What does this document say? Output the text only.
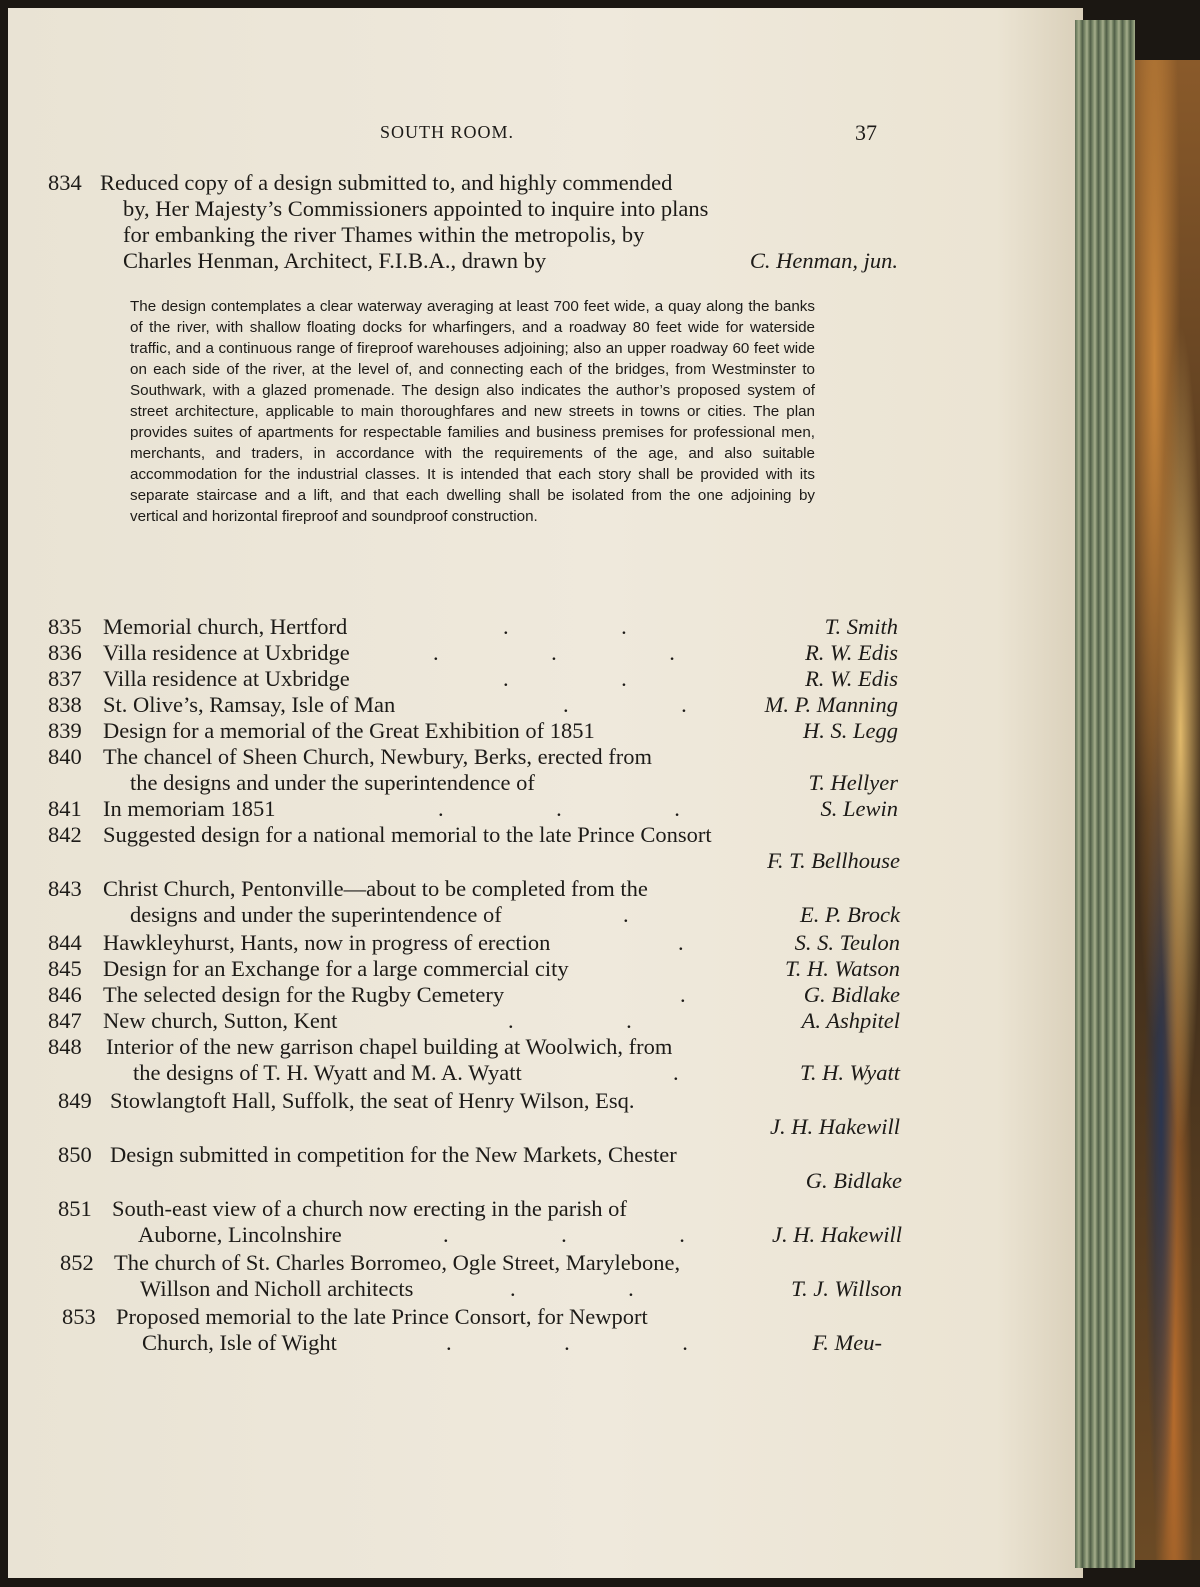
SOUTH ROOM.	37
834 Reduced copy of a design submitted to, and highly commended
by, Her Majesty’s Commissioners appointed to inquire into plans
for embanking the river Thames within the metropolis, by
Charles Henman, Architect, F.I.B.A., drawn by	C. Henman, jun.
The design contemplates a clear waterway averaging at least 700 feet wide, a quay along the banks of the river, with shallow floating docks for wharfingers, and a roadway 80 feet wide for waterside traffic, and a continuous range of fireproof warehouses adjoining; also an upper roadway 60 feet wide on each side of the river, at the level of, and connecting each of the bridges, from Westminster to Southwark, with a glazed promenade. The design also indicates the author’s proposed system of street architecture, applicable to main thoroughfares and new streets in towns or cities. The plan provides suites of apartments for respectable families and business premises for professional men, merchants, and traders, in accordance with the requirements of the age, and also suitable accommodation for the industrial classes. It is intended that each story shall be provided with its separate staircase and a lift, and that each dwelling shall be isolated from the one adjoining by vertical and horizontal fireproof and soundproof construction.
835 Memorial church, Hertford	.     .	T. Smith
836 Villa residence at Uxbridge	.     .     .	R. W. Edis
837 Villa residence at Uxbridge	.     .	R. W. Edis
838 St. Olive’s, Ramsay, Isle of Man	.     .	M. P. Manning
839 Design for a memorial of the Great Exhibition of 1851	H. S. Legg
840 The chancel of Sheen Church, Newbury, Berks, erected from
the designs and under the superintendence of	T. Hellyer
841 In memoriam 1851	.     .     .	S. Lewin
842 Suggested design for a national memorial to the late Prince Consort
F. T. Bellhouse
843 Christ Church, Pentonville—about to be completed from the
designs and under the superintendence of	.	E. P. Brock
844 Hawkleyhurst, Hants, now in progress of erection	.	S. S. Teulon
845 Design for an Exchange for a large commercial city	T. H. Watson
846 The selected design for the Rugby Cemetery	.	G. Bidlake
847 New church, Sutton, Kent	.     .	A. Ashpitel
848 Interior of the new garrison chapel building at Woolwich, from
the designs of T. H. Wyatt and M. A. Wyatt	.	T. H. Wyatt
849 Stowlangtoft Hall, Suffolk, the seat of Henry Wilson, Esq.
J. H. Hakewill
850 Design submitted in competition for the New Markets, Chester
G. Bidlake
851 South-east view of a church now erecting in the parish of
Auborne, Lincolnshire	.     .     .	J. H. Hakewill
852 The church of St. Charles Borromeo, Ogle Street, Marylebone,
Willson and Nicholl architects	.     .	T. J. Willson
853 Proposed memorial to the late Prince Consort, for Newport
Church, Isle of Wight	.     .     .	F. Meu-
